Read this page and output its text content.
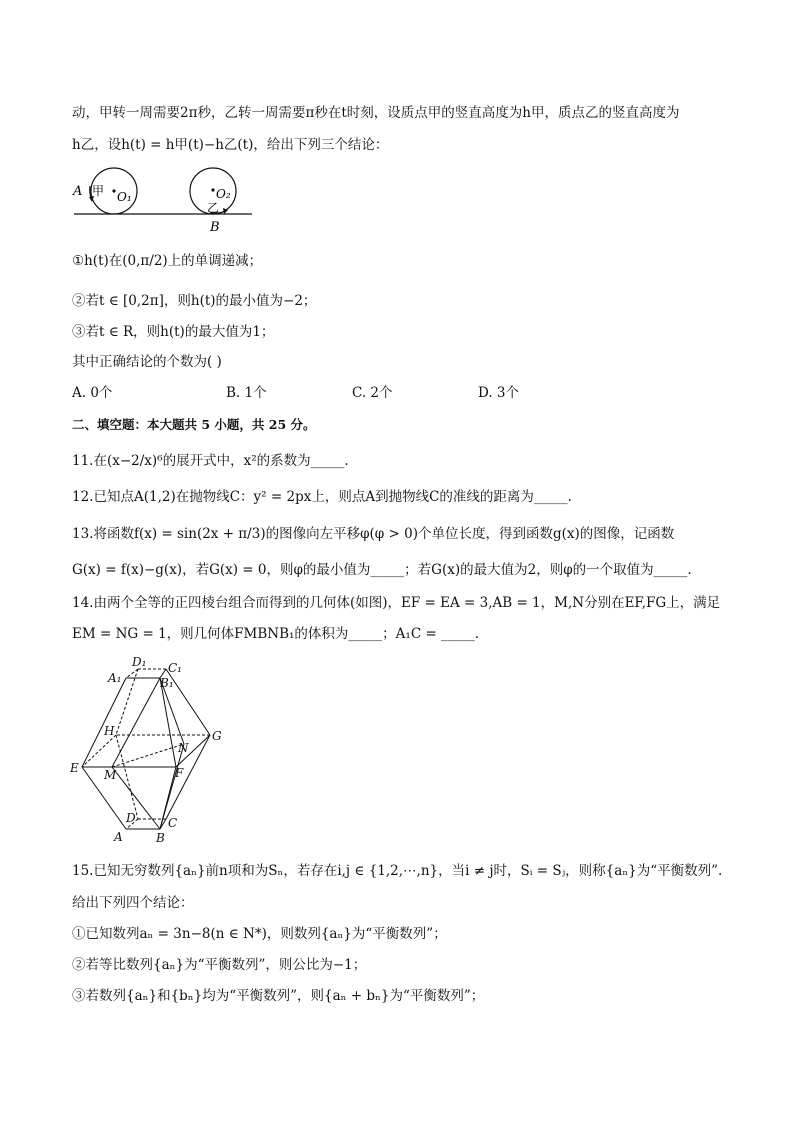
动，甲转一周需要2π秒，乙转一周需要π秒在t时刻，设质点甲的竖直高度为h甲，质点乙的竖直高度为
h乙，设h(t) = h甲(t)−h乙(t)，给出下列三个结论：
A 甲 O₁	O₂
乙
B
①h(t)在(0,π/2)上的单调递减；
②若t ∈ [0,2π]，则h(t)的最小值为−2；
③若t ∈ R，则h(t)的最大值为1；
其中正确结论的个数为( )
A. 0个	B. 1个	C. 2个	D. 3个
二、填空题：本大题共 5 小题，共 25 分。
11.在(x−2/x)⁶的展开式中，x²的系数为_____.
12.已知点A(1,2)在抛物线C：y² = 2px上，则点A到抛物线C的准线的距离为_____.
13.将函数f(x) = sin(2x + π/3)的图像向左平移φ(φ > 0)个单位长度，得到函数g(x)的图像，记函数
G(x) = f(x)−g(x)，若G(x) = 0，则φ的最小值为_____；若G(x)的最大值为2，则φ的一个取值为_____.
14.由两个全等的正四棱台组合而得到的几何体(如图)，EF = EA = 3,AB = 1，M,N分别在EF,FG上，满足
EM = NG = 1，则几何体FMBNB₁的体积为_____；A₁C = _____.
D₁ C₁
A₁	B₁
H	G
N
E M	F
D	C
A	B
15.已知无穷数列{aₙ}前n项和为Sₙ，若存在i,j ∈ {1,2,⋯,n}，当i ≠ j时，Sᵢ = Sⱼ，则称{aₙ}为“平衡数列”.
给出下列四个结论：
①已知数列aₙ = 3n−8(n ∈ N*)，则数列{aₙ}为“平衡数列”；
②若等比数列{aₙ}为“平衡数列”，则公比为−1；
③若数列{aₙ}和{bₙ}均为“平衡数列”，则{aₙ + bₙ}为“平衡数列”；
